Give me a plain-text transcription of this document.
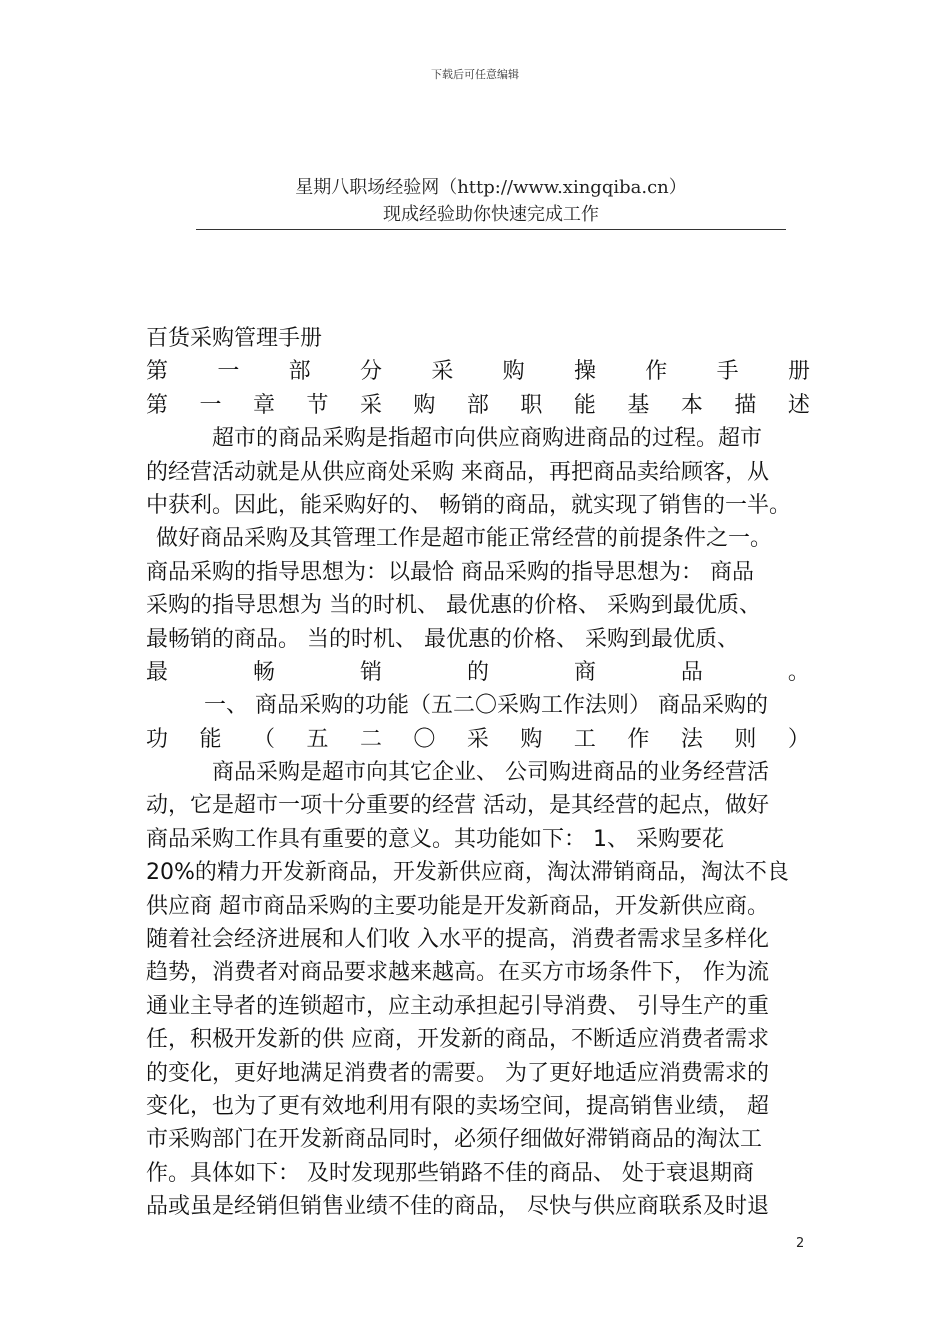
下载后可任意编辑
星期八职场经验网（http://www.xingqiba.cn）
现成经验助你快速完成工作
百货采购管理手册
第 一 部 分 采 购 操 作 手 册
第 一 章 节 采 购 部 职 能 基 本 描 述
超市的商品采购是指超市向供应商购进商品的过程。超市
的经营活动就是从供应商处采购 来商品，再把商品卖给顾客，从
中获利。因此，能采购好的、 畅销的商品，就实现了销售的一半。
做好商品采购及其管理工作是超市能正常经营的前提条件之一。
商品采购的指导思想为：以最恰 商品采购的指导思想为： 商品
采购的指导思想为 当的时机、 最优惠的价格、 采购到最优质、
最畅销的商品。 当的时机、 最优惠的价格、 采购到最优质、
最	畅	销	的	商	品	。
一、 商品采购的功能（五二〇采购工作法则） 商品采购的
功 能 （ 五 二 〇 采 购 工 作 法 则 ）
商品采购是超市向其它企业、 公司购进商品的业务经营活
动，它是超市一项十分重要的经营 活动，是其经营的起点，做好
商品采购工作具有重要的意义。其功能如下： 1、 采购要花
20%的精力开发新商品，开发新供应商，淘汰滞销商品，淘汰不良
供应商 超市商品采购的主要功能是开发新商品，开发新供应商。
随着社会经济进展和人们收 入水平的提高，消费者需求呈多样化
趋势，消费者对商品要求越来越高。在买方市场条件下， 作为流
通业主导者的连锁超市，应主动承担起引导消费、 引导生产的重
任，积极开发新的供 应商，开发新的商品，不断适应消费者需求
的变化，更好地满足消费者的需要。 为了更好地适应消费需求的
变化，也为了更有效地利用有限的卖场空间，提高销售业绩， 超
市采购部门在开发新商品同时，必须仔细做好滞销商品的淘汰工
作。具体如下： 及时发现那些销路不佳的商品、 处于衰退期商
品或虽是经销但销售业绩不佳的商品， 尽快与供应商联系及时退
2
